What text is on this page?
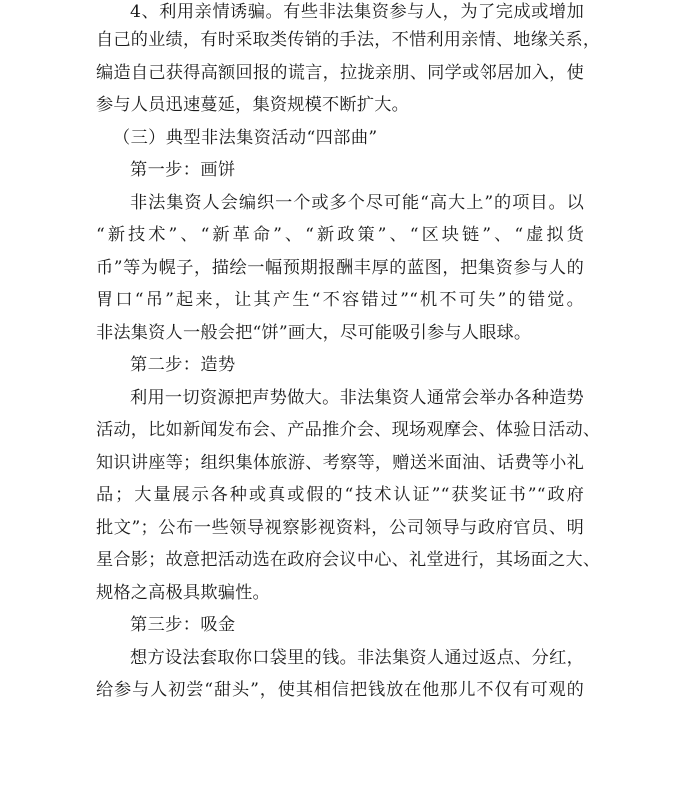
4、利用亲情诱骗。有些非法集资参与人，为了完成或增加
自己的业绩，有时采取类传销的手法，不惜利用亲情、地缘关系，
编造自己获得高额回报的谎言，拉拢亲朋、同学或邻居加入，使
参与人员迅速蔓延，集资规模不断扩大。
（三）典型非法集资活动“四部曲”
第一步：画饼
非法集资人会编织一个或多个尽可能“高大上”的项目。以
“新技术”、“新革命”、“新政策”、“区块链”、“虚拟货
币”等为幌子，描绘一幅预期报酬丰厚的蓝图，把集资参与人的
胃口“吊”起来，让其产生“不容错过”“机不可失”的错觉。
非法集资人一般会把“饼”画大，尽可能吸引参与人眼球。
第二步：造势
利用一切资源把声势做大。非法集资人通常会举办各种造势
活动，比如新闻发布会、产品推介会、现场观摩会、体验日活动、
知识讲座等；组织集体旅游、考察等，赠送米面油、话费等小礼
品；大量展示各种或真或假的“技术认证”“获奖证书”“政府
批文”；公布一些领导视察影视资料，公司领导与政府官员、明
星合影；故意把活动选在政府会议中心、礼堂进行，其场面之大、
规格之高极具欺骗性。
第三步：吸金
想方设法套取你口袋里的钱。非法集资人通过返点、分红，
给参与人初尝“甜头”，使其相信把钱放在他那儿不仅有可观的
